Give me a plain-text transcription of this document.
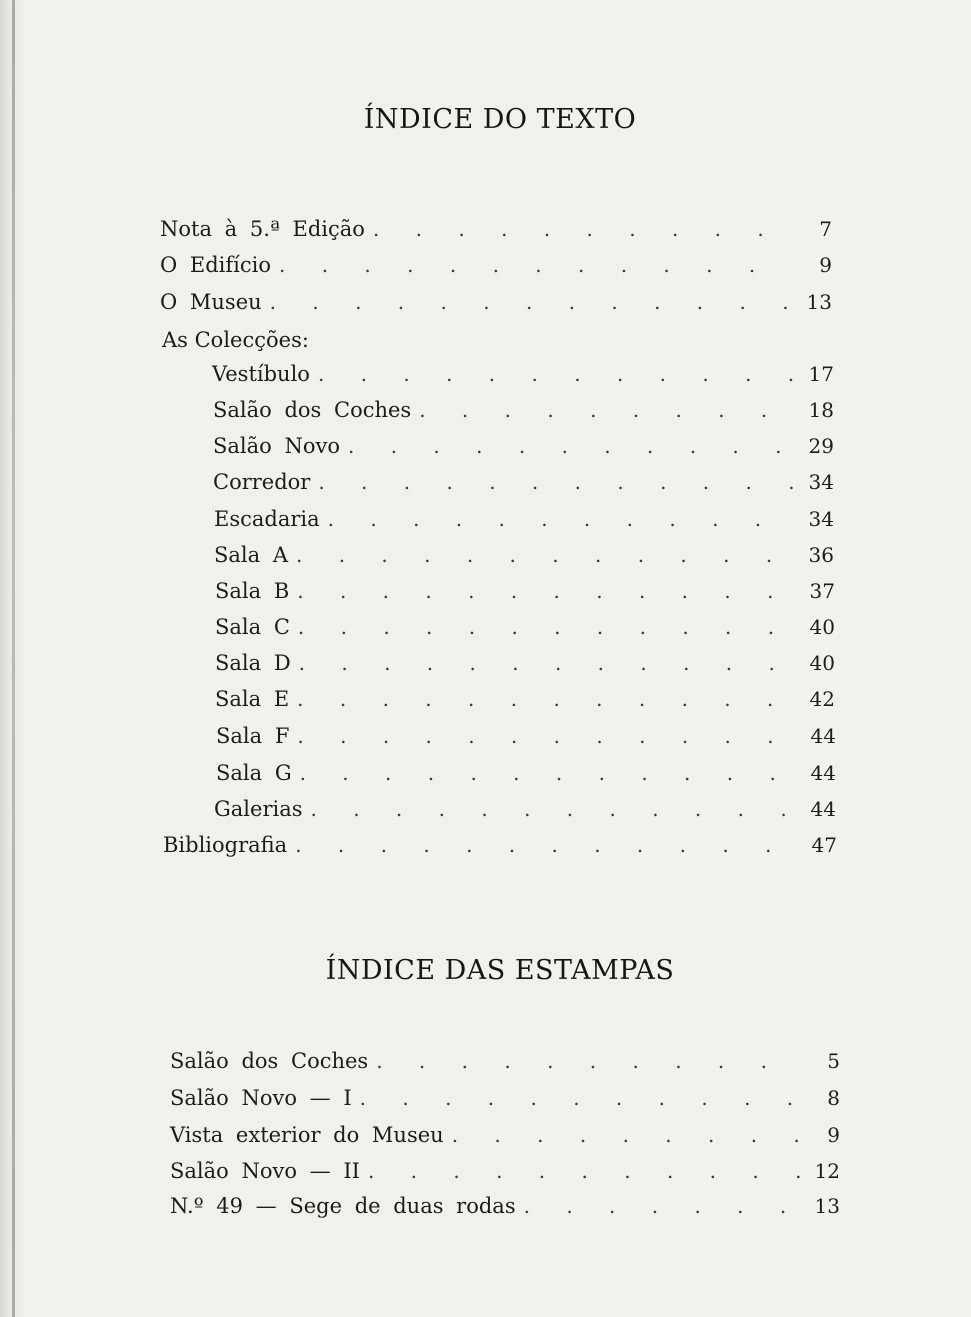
ÍNDICE DO TEXTO
Nota à 5.ª Edição . . .	7
O Edifício . . .	9
O Museu . . .	13
As Colecções:
Vestíbulo . . .	17
Salão dos Coches . . .	18
Salão Novo . . .	29
Corredor . . .	34
Escadaria . . .	34
Sala A . . .	36
Sala B . . .	37
Sala C . . .	40
Sala D . . .	40
Sala E . . .	42
Sala F . . .	44
Sala G . . .	44
Galerias . . .	44
Bibliografia . . .	47
ÍNDICE DAS ESTAMPAS
Salão dos Coches . . .	5
Salão Novo — I . . .	8
Vista exterior do Museu . . .	9
Salão Novo — II . . .	12
N.º 49 — Sege de duas rodas . . .	13
